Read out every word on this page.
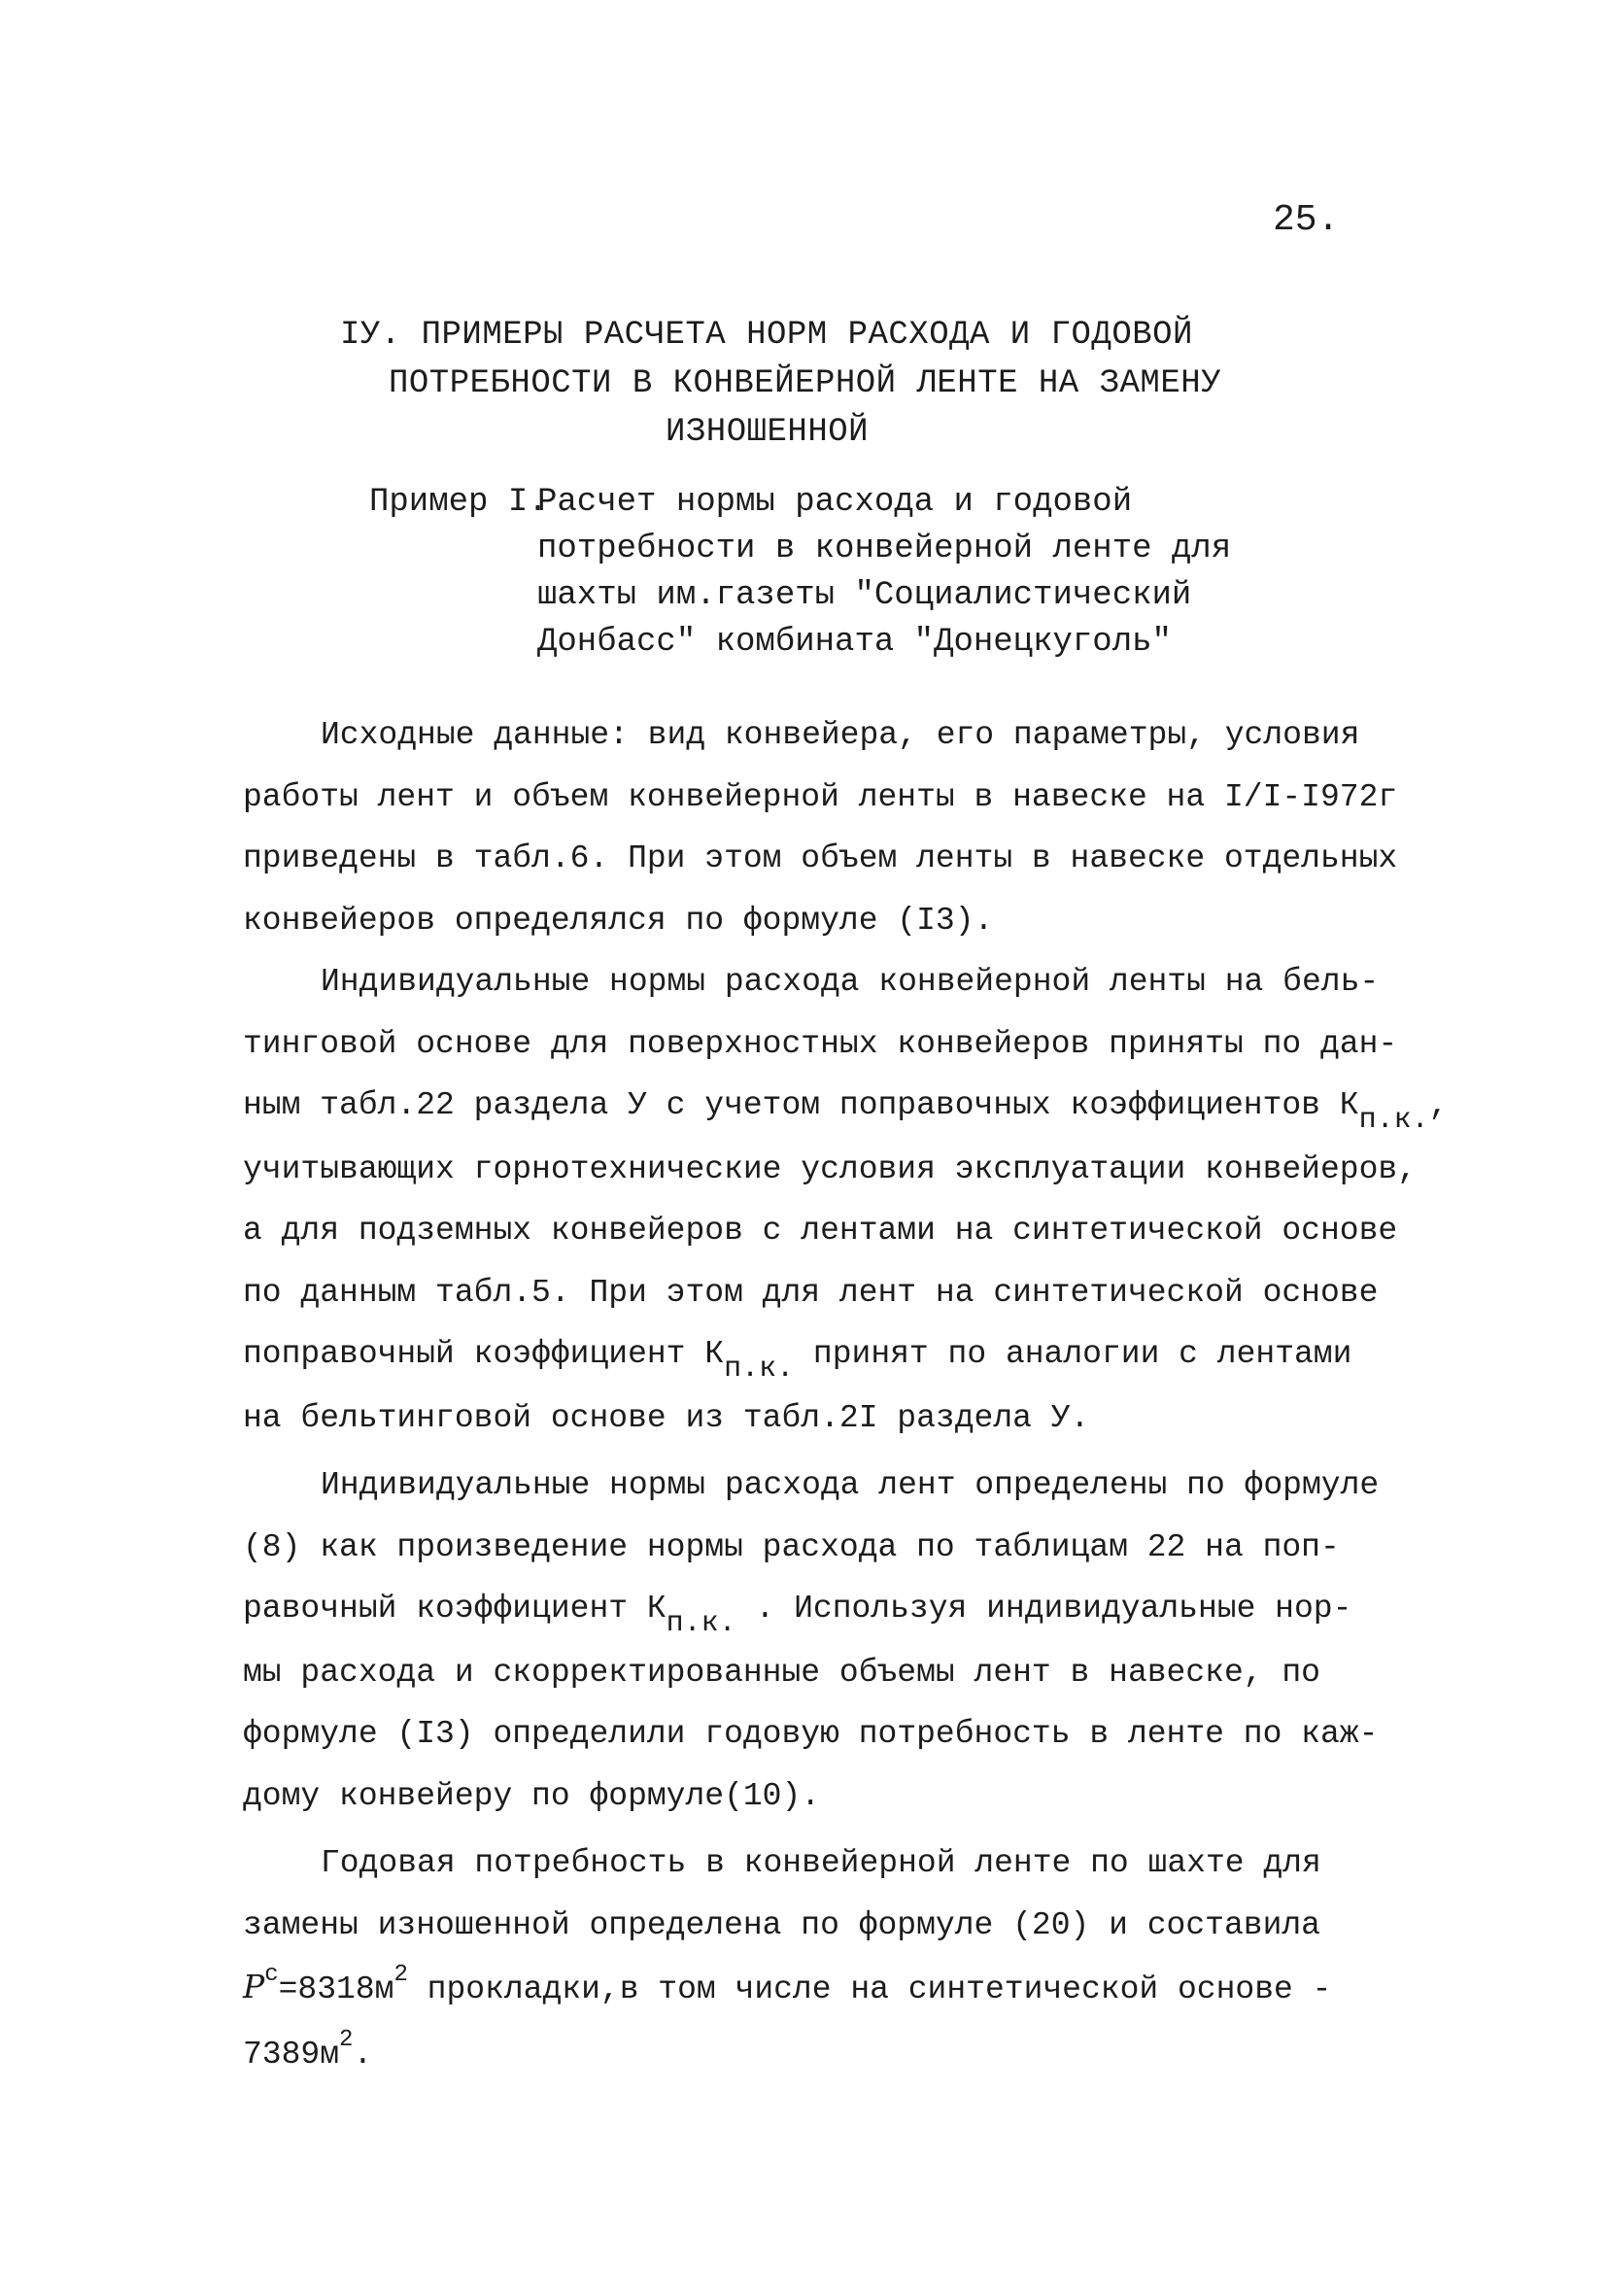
25.
IУ. ПРИМЕРЫ РАСЧЕТА НОРМ РАСХОДА И ГОДОВОЙ
ПОТРЕБНОСТИ В КОНВЕЙЕРНОЙ ЛЕНТЕ НА ЗАМЕНУ
ИЗНОШЕННОЙ
Пример I.
Расчет нормы расхода и годовой
потребности в конвейерной ленте для
шахты им.газеты "Социалистический
Донбасс" комбината "Донецкуголь"
Исходные данные: вид конвейера, его параметры, условия
работы лент и объем конвейерной ленты в навеске на I/I-I972г
приведены в табл.6. При этом объем ленты в навеске отдельных
конвейеров определялся по формуле (I3).
Индивидуальные нормы расхода конвейерной ленты на бель-
тинговой основе для поверхностных конвейеров приняты по дан-
ным табл.22 раздела У с учетом поправочных коэффициентов Кп.к.,
учитывающих горнотехнические условия эксплуатации конвейеров,
а для подземных конвейеров с лентами на синтетической основе
по данным табл.5. При этом для лент на синтетической основе
поправочный коэффициент Кп.к. принят по аналогии с лентами
на бельтинговой основе из табл.2I раздела У.
Индивидуальные нормы расхода лент определены по формуле
(8) как произведение нормы расхода по таблицам 22 на поп-
равочный коэффициент Кп.к. . Используя индивидуальные нор-
мы расхода и скорректированные объемы лент в навеске, по
формуле (I3) определили годовую потребность в ленте по каж-
дому конвейеру по формуле(10).
Годовая потребность в конвейерной ленте по шахте для
замены изношенной определена по формуле (20) и составила
$Р^с=8318м^2$ прокладки,в том числе на синтетической основе -
$7389м^2$.
